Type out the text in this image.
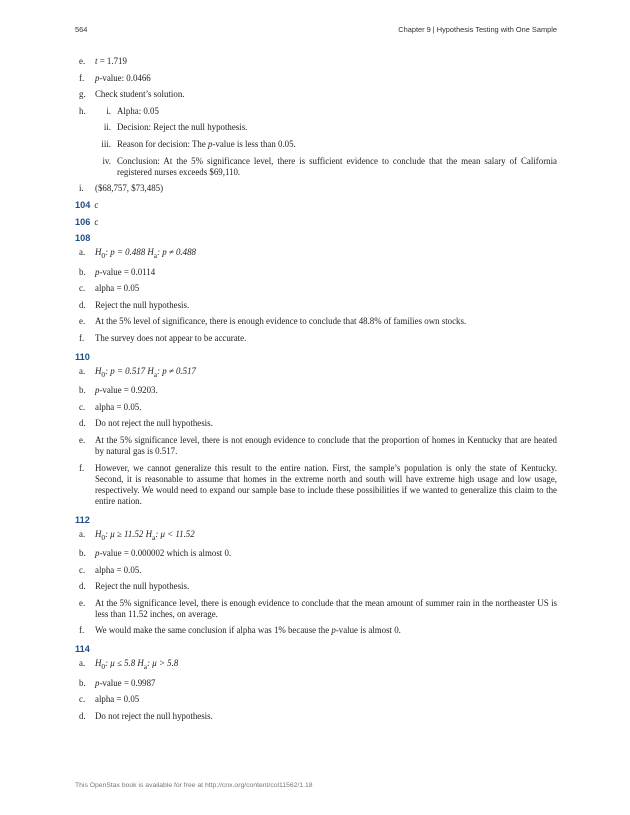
564	Chapter 9 | Hypothesis Testing with One Sample
e.	t = 1.719
f.	p-value: 0.0466
g.	Check student’s solution.
h.
	i. Alpha: 0.05
ii. Decision: Reject the null hypothesis.
iii. Reason for decision: The p-value is less than 0.05.
iv. Conclusion: At the 5% significance level, there is sufficient evidence to conclude that the mean salary of California registered nurses exceeds $69,110.
i.	($68,757, $73,485)
104 c
106 c
108
a.	$H_0$: p = 0.488 $H_a$: p ≠ 0.488
b.	p-value = 0.0114
c.	alpha = 0.05
d.	Reject the null hypothesis.
e.	At the 5% level of significance, there is enough evidence to conclude that 48.8% of families own stocks.
f.	The survey does not appear to be accurate.
110
a.	$H_0$: p = 0.517 $H_a$: p ≠ 0.517
b.	p-value = 0.9203.
c.	alpha = 0.05.
d.	Do not reject the null hypothesis.
e.	At the 5% significance level, there is not enough evidence to conclude that the proportion of homes in Kentucky that are heated by natural gas is 0.517.
f.	However, we cannot generalize this result to the entire nation. First, the sample’s population is only the state of Kentucky. Second, it is reasonable to assume that homes in the extreme north and south will have extreme high usage and low usage, respectively. We would need to expand our sample base to include these possibilities if we wanted to generalize this claim to the entire nation.
112
a.	$H_0$: μ ≥ 11.52 $H_a$: μ < 11.52
b.	p-value = 0.000002 which is almost 0.
c.	alpha = 0.05.
d.	Reject the null hypothesis.
e.	At the 5% significance level, there is enough evidence to conclude that the mean amount of summer rain in the northeaster US is less than 11.52 inches, on average.
f.	We would make the same conclusion if alpha was 1% because the p-value is almost 0.
114
a.	$H_0$: μ ≤ 5.8 $H_a$: μ > 5.8
b.	p-value = 0.9987
c.	alpha = 0.05
d.	Do not reject the null hypothesis.
This OpenStax book is available for free at http://cnx.org/content/col11562/1.18
